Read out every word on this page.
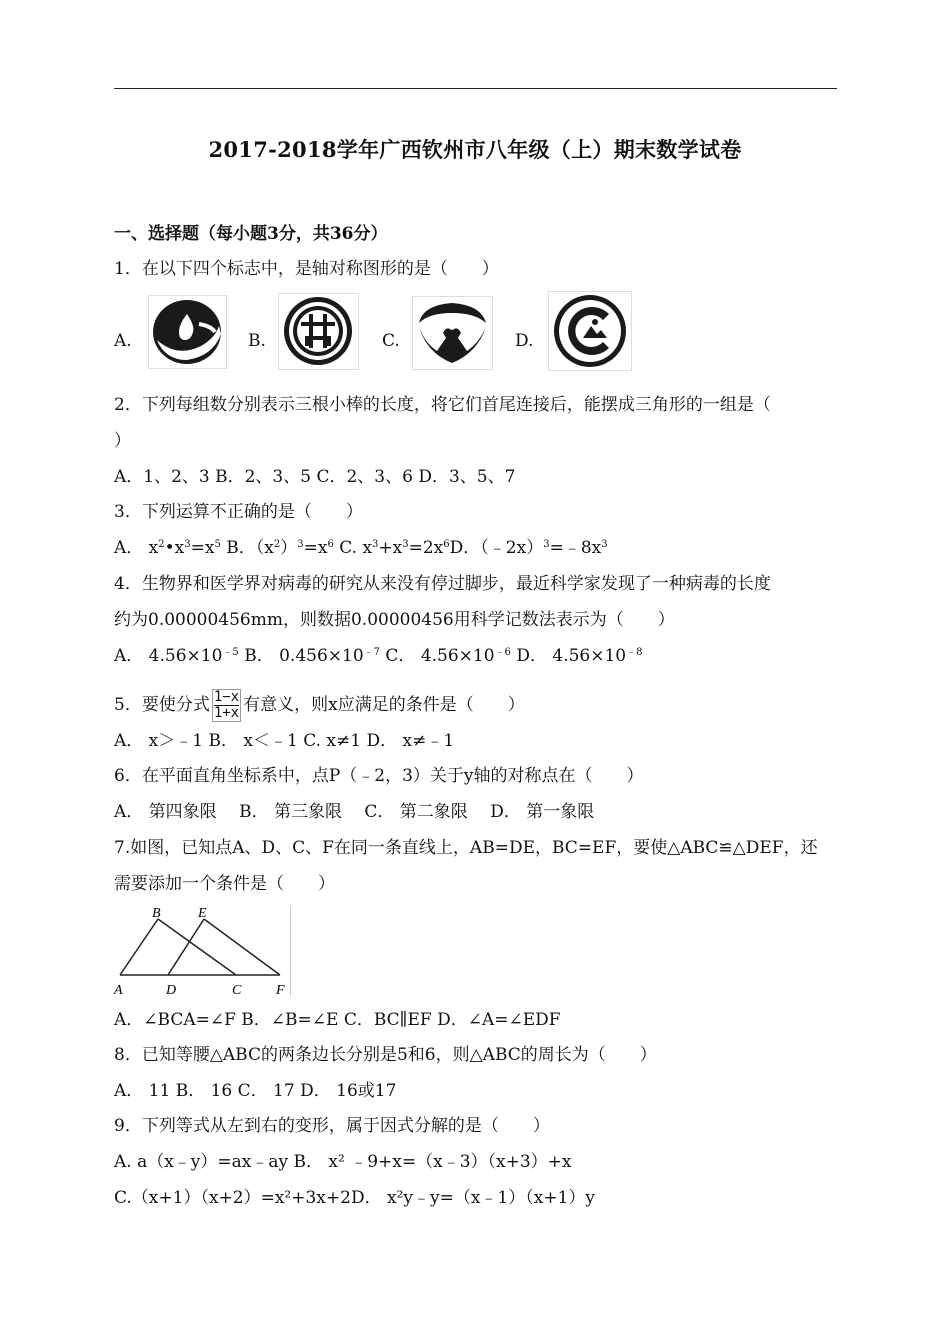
2017-2018学年广西钦州市八年级（上）期末数学试卷
一、选择题（每小题3分，共36分）
1．在以下四个标志中，是轴对称图形的是（　　）
A.	B.	C.	D.
2．下列每组数分别表示三根小棒的长度，将它们首尾连接后，能摆成三角形的一组是（
）
A．1、2、3 B．2、3、5 C．2、3、6 D．3、5、7
3．下列运算不正确的是（　　）
A． $x^2•x^3=x^5$ B．$(x^2)^3=x^6$ C. $x^3+x^3=2x^6D$．$(﹣2x)^3=﹣8x^3$
4．生物界和医学界对病毒的研究从来没有停过脚步，最近科学家发现了一种病毒的长度
约为0.00000456mm，则数据0.00000456用科学记数法表示为（　　）
A． $4.56\times 10^{﹣5}$ B． $0.456\times 10^{﹣7}$ C． $4.56\times 10^{﹣6}$ D． $4.56\times 10^{﹣8}$
5．要使分式 $\frac{1-x}{1+x}$ 有意义，则x应满足的条件是（　　）
A． x＞﹣1 B． x＜﹣1 C. x≠1 D． x≠﹣1
6．在平面直角坐标系中，点P（﹣2，3）关于y轴的对称点在（　　）
A． 第四象限　 B． 第三象限　 C． 第二象限　 D． 第一象限
7.如图，已知点A、D、C、F在同一条直线上，AB=DE，BC=EF，要使△ABC≌△DEF，还
需要添加一个条件是（　　）
B	E
A	D	C F
A．∠BCA=∠F B．∠B=∠E C．BC∥EF D．∠A=∠EDF
8．已知等腰△ABC的两条边长分别是5和6，则△ABC的周长为（　　）
A． 11 B． 16 C． 17 D． 16或17
9．下列等式从左到右的变形，属于因式分解的是（　　）
A. a（x﹣y）=ax﹣ay B． x² ﹣9+x=（x﹣3）（x+3）+x
C.（x+1）（x+2）=x²+3x+2D． x²y﹣y=（x﹣1）（x+1）y
